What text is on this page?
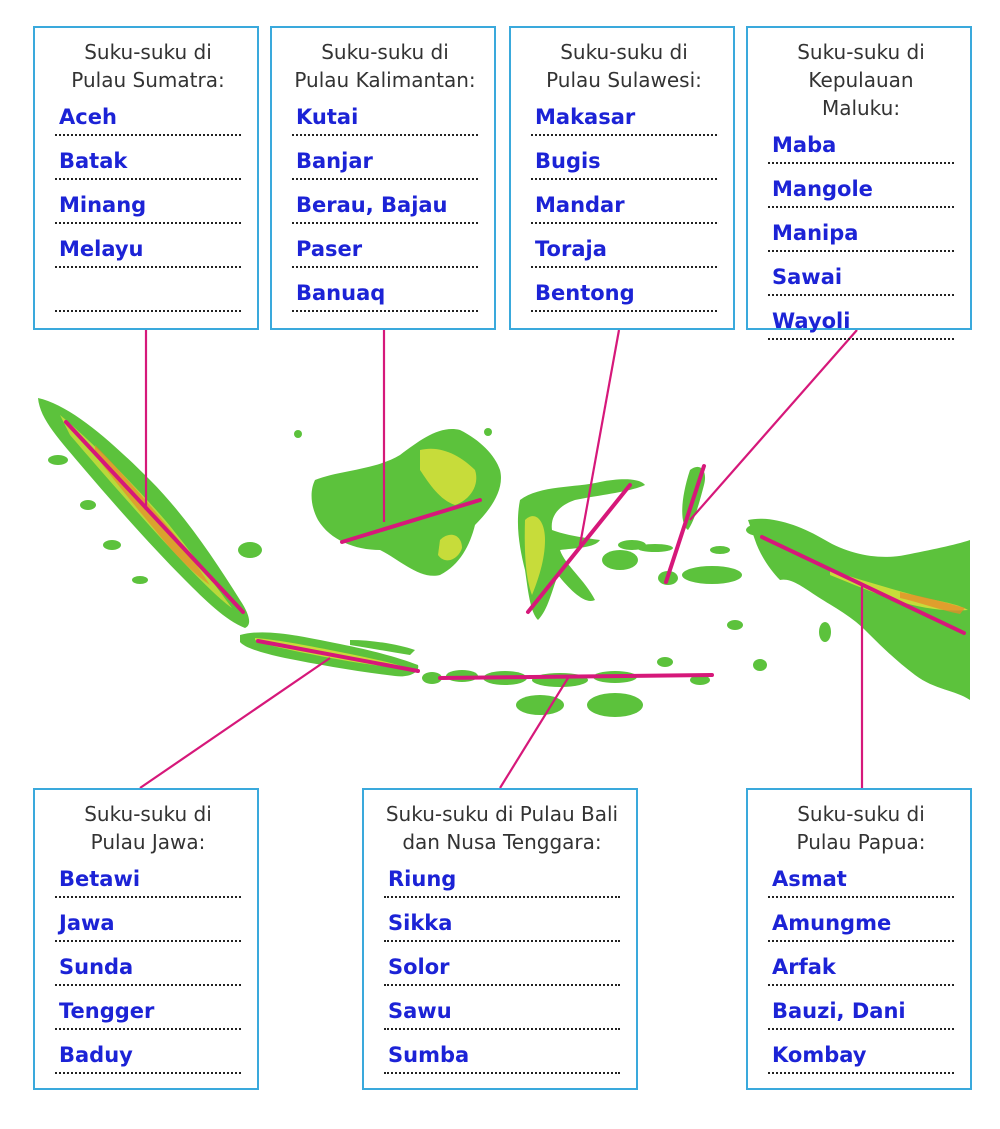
Suku-suku di
Pulau Sumatra:
Aceh
Batak
Minang
Melayu
Suku-suku di
Pulau Kalimantan:
Kutai
Banjar
Berau, Bajau
Paser
Banuaq
Suku-suku di
Pulau Sulawesi:
Makasar
Bugis
Mandar
Toraja
Bentong
Suku-suku di
Kepulauan Maluku:
Maba
Mangole
Manipa
Sawai
Wayoli
Suku-suku di
Pulau Jawa:
Betawi
Jawa
Sunda
Tengger
Baduy
Suku-suku di Pulau Bali
dan Nusa Tenggara:
Riung
Sikka
Solor
Sawu
Sumba
Suku-suku di
Pulau Papua:
Asmat
Amungme
Arfak
Bauzi, Dani
Kombay
